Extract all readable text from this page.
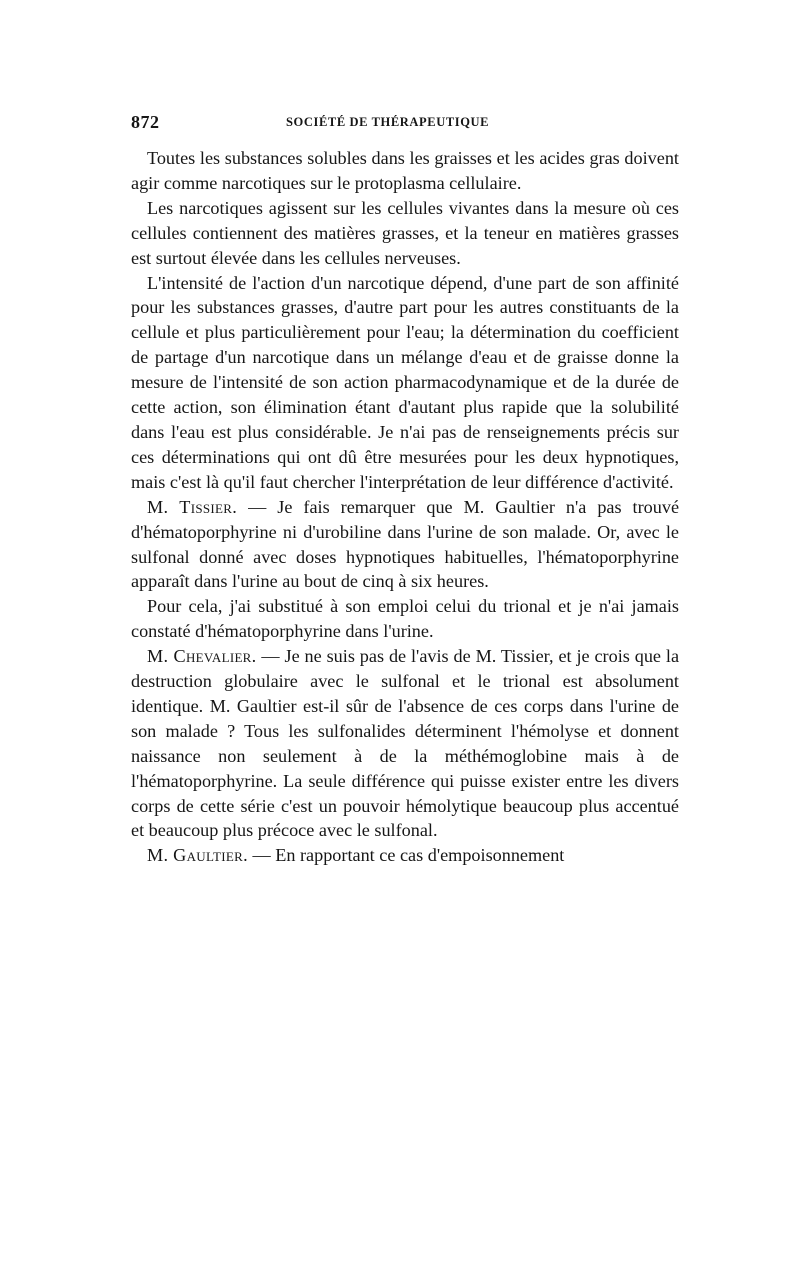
872	SOCIÉTÉ DE THÉRAPEUTIQUE

Toutes les substances solubles dans les graisses et les acides gras doivent agir comme narcotiques sur le protoplasma cellulaire.

Les narcotiques agissent sur les cellules vivantes dans la mesure où ces cellules contiennent des matières grasses, et la teneur en matières grasses est surtout élevée dans les cellules nerveuses.

L'intensité de l'action d'un narcotique dépend, d'une part de son affinité pour les substances grasses, d'autre part pour les autres constituants de la cellule et plus particulièrement pour l'eau; la détermination du coefficient de partage d'un narcotique dans un mélange d'eau et de graisse donne la mesure de l'intensité de son action pharmacodynamique et de la durée de cette action, son élimination étant d'autant plus rapide que la solubilité dans l'eau est plus considérable. Je n'ai pas de renseignements précis sur ces déterminations qui ont dû être mesurées pour les deux hypnotiques, mais c'est là qu'il faut chercher l'interprétation de leur différence d'activité.

M. Tissier. — Je fais remarquer que M. Gaultier n'a pas trouvé d'hématoporphyrine ni d'urobiline dans l'urine de son malade. Or, avec le sulfonal donné avec doses hypnotiques habituelles, l'hématoporphyrine apparaît dans l'urine au bout de cinq à six heures.

Pour cela, j'ai substitué à son emploi celui du trional et je n'ai jamais constaté d'hématoporphyrine dans l'urine.

M. Chevalier. — Je ne suis pas de l'avis de M. Tissier, et je crois que la destruction globulaire avec le sulfonal et le trional est absolument identique. M. Gaultier est-il sûr de l'absence de ces corps dans l'urine de son malade ? Tous les sulfonalides déterminent l'hémolyse et donnent naissance non seulement à de la méthémoglobine mais à de l'hématoporphyrine. La seule différence qui puisse exister entre les divers corps de cette série c'est un pouvoir hémolytique beaucoup plus accentué et beaucoup plus précoce avec le sulfonal.

M. Gaultier. — En rapportant ce cas d'empoisonnement
